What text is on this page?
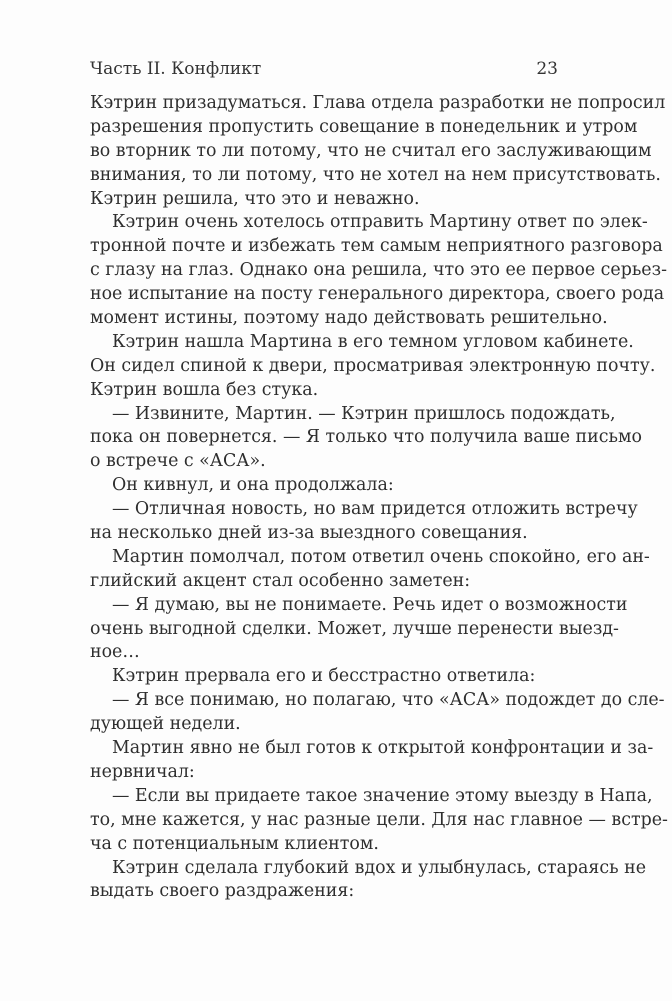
Часть II. Конфликт	23
Кэтрин призадуматься. Глава отдела разработки не попросил
разрешения пропустить совещание в понедельник и утром
во вторник то ли потому, что не считал его заслуживающим
внимания, то ли потому, что не хотел на нем присутствовать.
Кэтрин решила, что это и неважно.
Кэтрин очень хотелось отправить Мартину ответ по элек-
тронной почте и избежать тем самым неприятного разговора
с глазу на глаз. Однако она решила, что это ее первое серьез-
ное испытание на посту генерального директора, своего рода
момент истины, поэтому надо действовать решительно.
Кэтрин нашла Мартина в его темном угловом кабинете.
Он сидел спиной к двери, просматривая электронную почту.
Кэтрин вошла без стука.
— Извините, Мартин. — Кэтрин пришлось подождать,
пока он повернется. — Я только что получила ваше письмо
о встрече с «АСА».
Он кивнул, и она продолжала:
— Отличная новость, но вам придется отложить встречу
на несколько дней из-за выездного совещания.
Мартин помолчал, потом ответил очень спокойно, его ан-
глийский акцент стал особенно заметен:
— Я думаю, вы не понимаете. Речь идет о возможности
очень выгодной сделки. Может, лучше перенести выезд-
ное…
Кэтрин прервала его и бесстрастно ответила:
— Я все понимаю, но полагаю, что «АСА» подождет до сле-
дующей недели.
Мартин явно не был готов к открытой конфронтации и за-
нервничал:
— Если вы придаете такое значение этому выезду в Напа,
то, мне кажется, у нас разные цели. Для нас главное — встре-
ча с потенциальным клиентом.
Кэтрин сделала глубокий вдох и улыбнулась, стараясь не
выдать своего раздражения:
